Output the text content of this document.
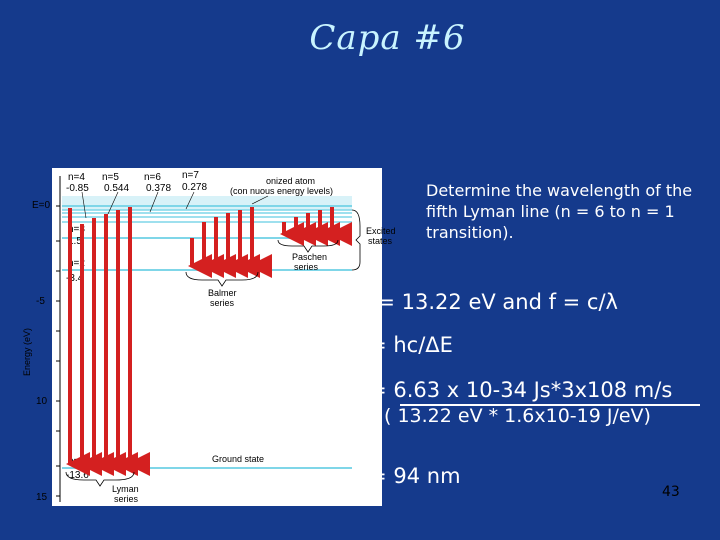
Capa #6
E=0
-5
10
15
Energy (eV)
n=4
-0.85
n=5
0.544
n=6
0.378
n=7
0.278
n=3
1.5
n=2
-3.4
n=1
-13.6
onized atom
(con nuous energy levels)
Excited
states
Balmer
series
Paschen
series
Lyman
series
Ground state
Determine the wavelength of the fifth Lyman line (n = 6 to n = 1 transition).
hf = 13.22 eV and f = c/λ
λ = hc/ΔE
λ = 6.63 x 10-34 Js*3x108 m/s
( 13.22 eV * 1.6x10-19 J/eV)
λ = 94 nm
43
